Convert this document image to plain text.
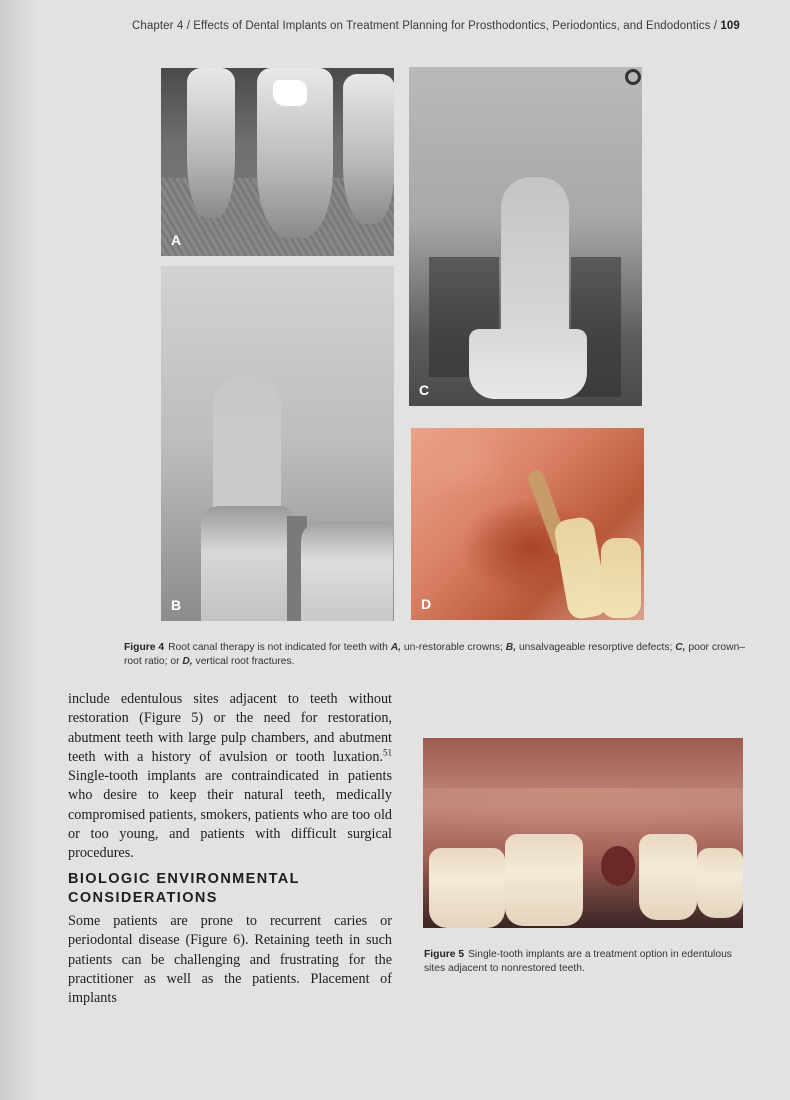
Chapter 4 / Effects of Dental Implants on Treatment Planning for Prosthodontics, Periodontics, and Endodontics / 109
A
B
C
D

Figure 4 Root canal therapy is not indicated for teeth with A, un-restorable crowns; B, unsalvageable resorptive defects; C, poor crown–root ratio; or D, vertical root fractures.

include edentulous sites adjacent to teeth without restoration (Figure 5) or the need for restoration, abutment teeth with large pulp chambers, and abutment teeth with a history of avulsion or tooth luxation.$^{51}$ Single-tooth implants are contraindicated in patients who desire to keep their natural teeth, medically compromised patients, smokers, patients who are too old or too young, and patients with difficult surgical procedures.

BIOLOGIC ENVIRONMENTAL CONSIDERATIONS

Some patients are prone to recurrent caries or periodontal disease (Figure 6). Retaining teeth in such patients can be challenging and frustrating for the practitioner as well as the patients. Placement of implants

Figure 5 Single-tooth implants are a treatment option in edentulous sites adjacent to nonrestored teeth.
